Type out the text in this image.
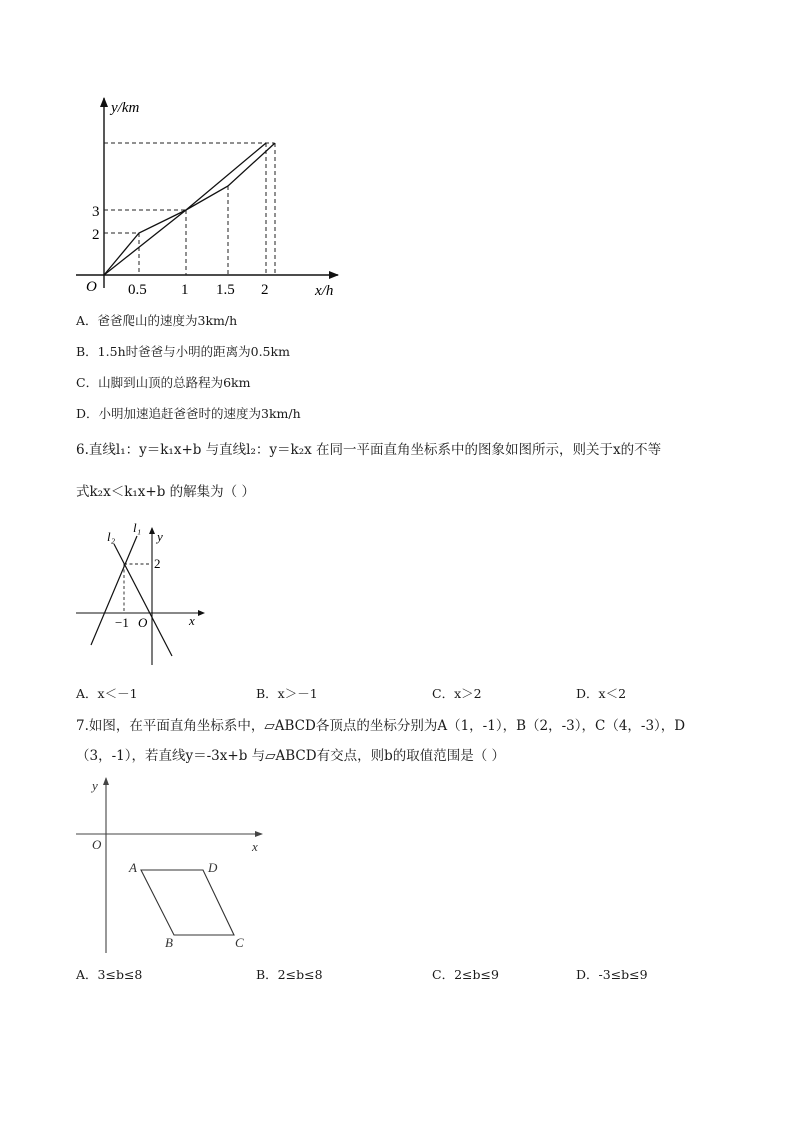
y/km
x/h
O
2
3
0.5 1 1.5 2
A．爸爸爬山的速度为3km/h
B．1.5h时爸爸与小明的距离为0.5km
C．山脚到山顶的总路程为6km
D．小明加速追赶爸爸时的速度为3km/h
6.直线l₁：y＝k₁x+b 与直线l₂：y＝k₂x 在同一平面直角坐标系中的图象如图所示，则关于x的不等
式k₂x＜k₁x+b 的解集为（ ）
l₂
l₁
y
x
O
2
−1
A．x＜－1	B．x＞－1	C．x＞2	D．x＜2
7.如图，在平面直角坐标系中，▱ABCD各顶点的坐标分别为A（1，-1），B（2，-3），C（4，-3），D
（3，-1），若直线y＝-3x+b 与▱ABCD有交点，则b的取值范围是（ ）
y
x
O
A	D
B	C
A．3≤b≤8	B．2≤b≤8	C．2≤b≤9	D．-3≤b≤9
